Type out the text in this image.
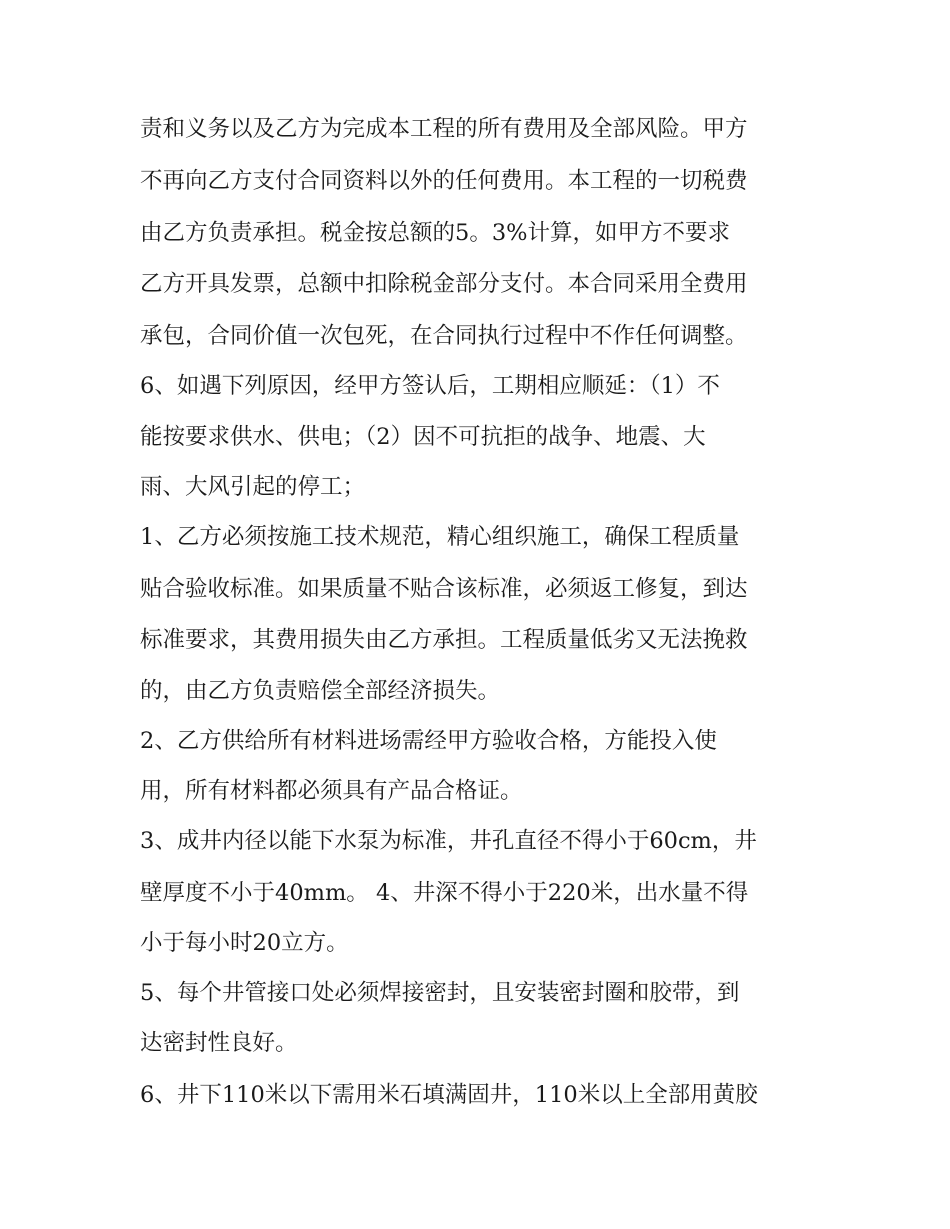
责和义务以及乙方为完成本工程的所有费用及全部风险。甲方
不再向乙方支付合同资料以外的任何费用。本工程的一切税费
由乙方负责承担。税金按总额的5。3%计算，如甲方不要求
乙方开具发票，总额中扣除税金部分支付。本合同采用全费用
承包，合同价值一次包死，在合同执行过程中不作任何调整。
6、如遇下列原因，经甲方签认后，工期相应顺延：（1）不
能按要求供水、供电；（2）因不可抗拒的战争、地震、大
雨、大风引起的停工；
1、乙方必须按施工技术规范，精心组织施工，确保工程质量
贴合验收标准。如果质量不贴合该标准，必须返工修复，到达
标准要求，其费用损失由乙方承担。工程质量低劣又无法挽救
的，由乙方负责赔偿全部经济损失。
2、乙方供给所有材料进场需经甲方验收合格，方能投入使
用，所有材料都必须具有产品合格证。
3、成井内径以能下水泵为标准，井孔直径不得小于60cm，井
壁厚度不小于40mm。 4、井深不得小于220米，出水量不得
小于每小时20立方。
5、每个井管接口处必须焊接密封，且安装密封圈和胶带，到
达密封性良好。
6、井下110米以下需用米石填满固井，110米以上全部用黄胶
